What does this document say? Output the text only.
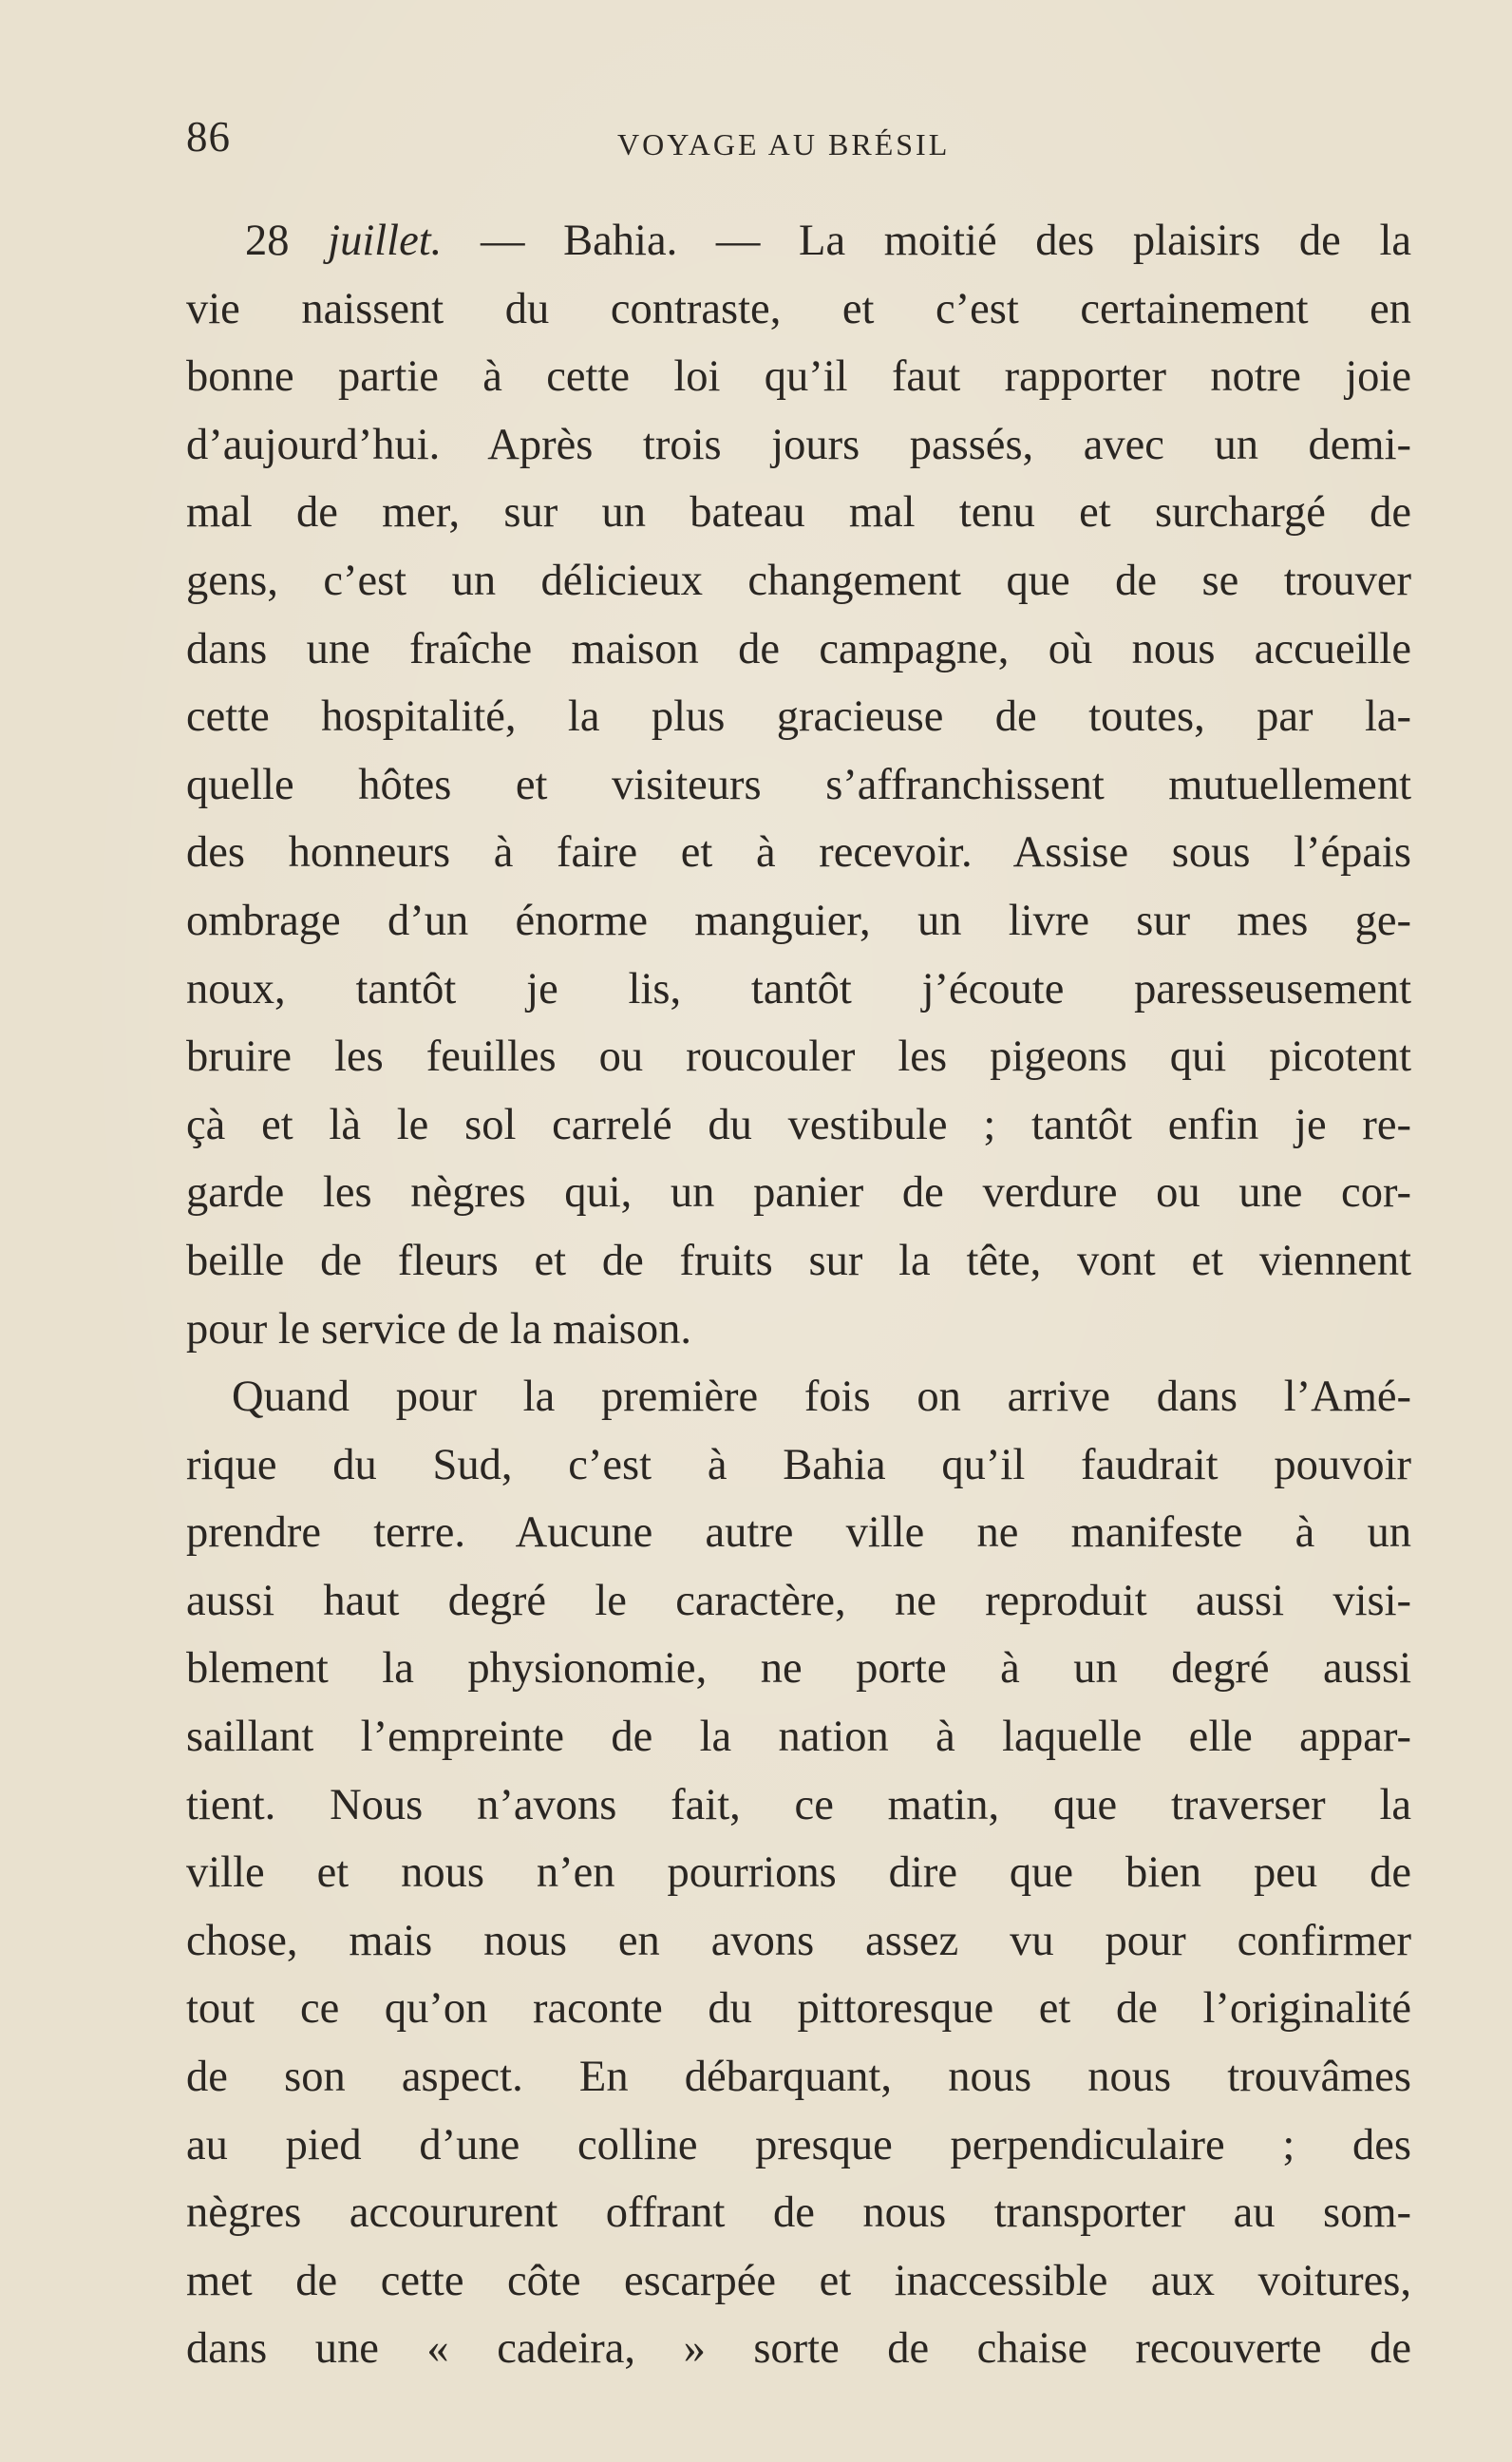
86	VOYAGE AU BRÉSIL
28 juillet. — Bahia. — La moitié des plaisirs de la
vie naissent du contraste, et c’est certainement en
bonne partie à cette loi qu’il faut rapporter notre joie
d’aujourd’hui. Après trois jours passés, avec un demi-
mal de mer, sur un bateau mal tenu et surchargé de
gens, c’est un délicieux changement que de se trouver
dans une fraîche maison de campagne, où nous accueille
cette hospitalité, la plus gracieuse de toutes, par la-
quelle hôtes et visiteurs s’affranchissent mutuellement
des honneurs à faire et à recevoir. Assise sous l’épais
ombrage d’un énorme manguier, un livre sur mes ge-
noux, tantôt je lis, tantôt j’écoute paresseusement
bruire les feuilles ou roucouler les pigeons qui picotent
çà et là le sol carrelé du vestibule ; tantôt enfin je re-
garde les nègres qui, un panier de verdure ou une cor-
beille de fleurs et de fruits sur la tête, vont et viennent
pour le service de la maison.
Quand pour la première fois on arrive dans l’Amé-
rique du Sud, c’est à Bahia qu’il faudrait pouvoir
prendre terre. Aucune autre ville ne manifeste à un
aussi haut degré le caractère, ne reproduit aussi visi-
blement la physionomie, ne porte à un degré aussi
saillant l’empreinte de la nation à laquelle elle appar-
tient. Nous n’avons fait, ce matin, que traverser la
ville et nous n’en pourrions dire que bien peu de
chose, mais nous en avons assez vu pour confirmer
tout ce qu’on raconte du pittoresque et de l’originalité
de son aspect. En débarquant, nous nous trouvâmes
au pied d’une colline presque perpendiculaire ; des
nègres accoururent offrant de nous transporter au som-
met de cette côte escarpée et inaccessible aux voitures,
dans une « cadeira, » sorte de chaise recouverte de
